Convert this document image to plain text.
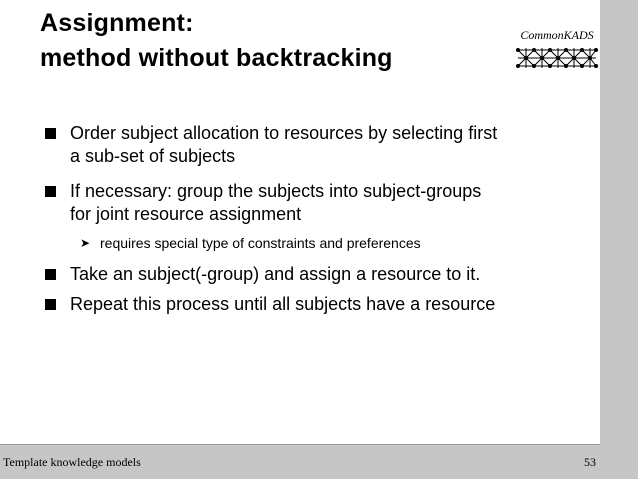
Assignment:
method without backtracking
CommonKADS
Order subject allocation to resources by selecting first
a sub-set of subjects
If necessary: group the subjects into subject-groups
for joint resource assignment
➤ requires special type of constraints and preferences
Take an subject(-group) and assign a resource to it.
Repeat this process until all subjects have a resource
Template knowledge models	53
